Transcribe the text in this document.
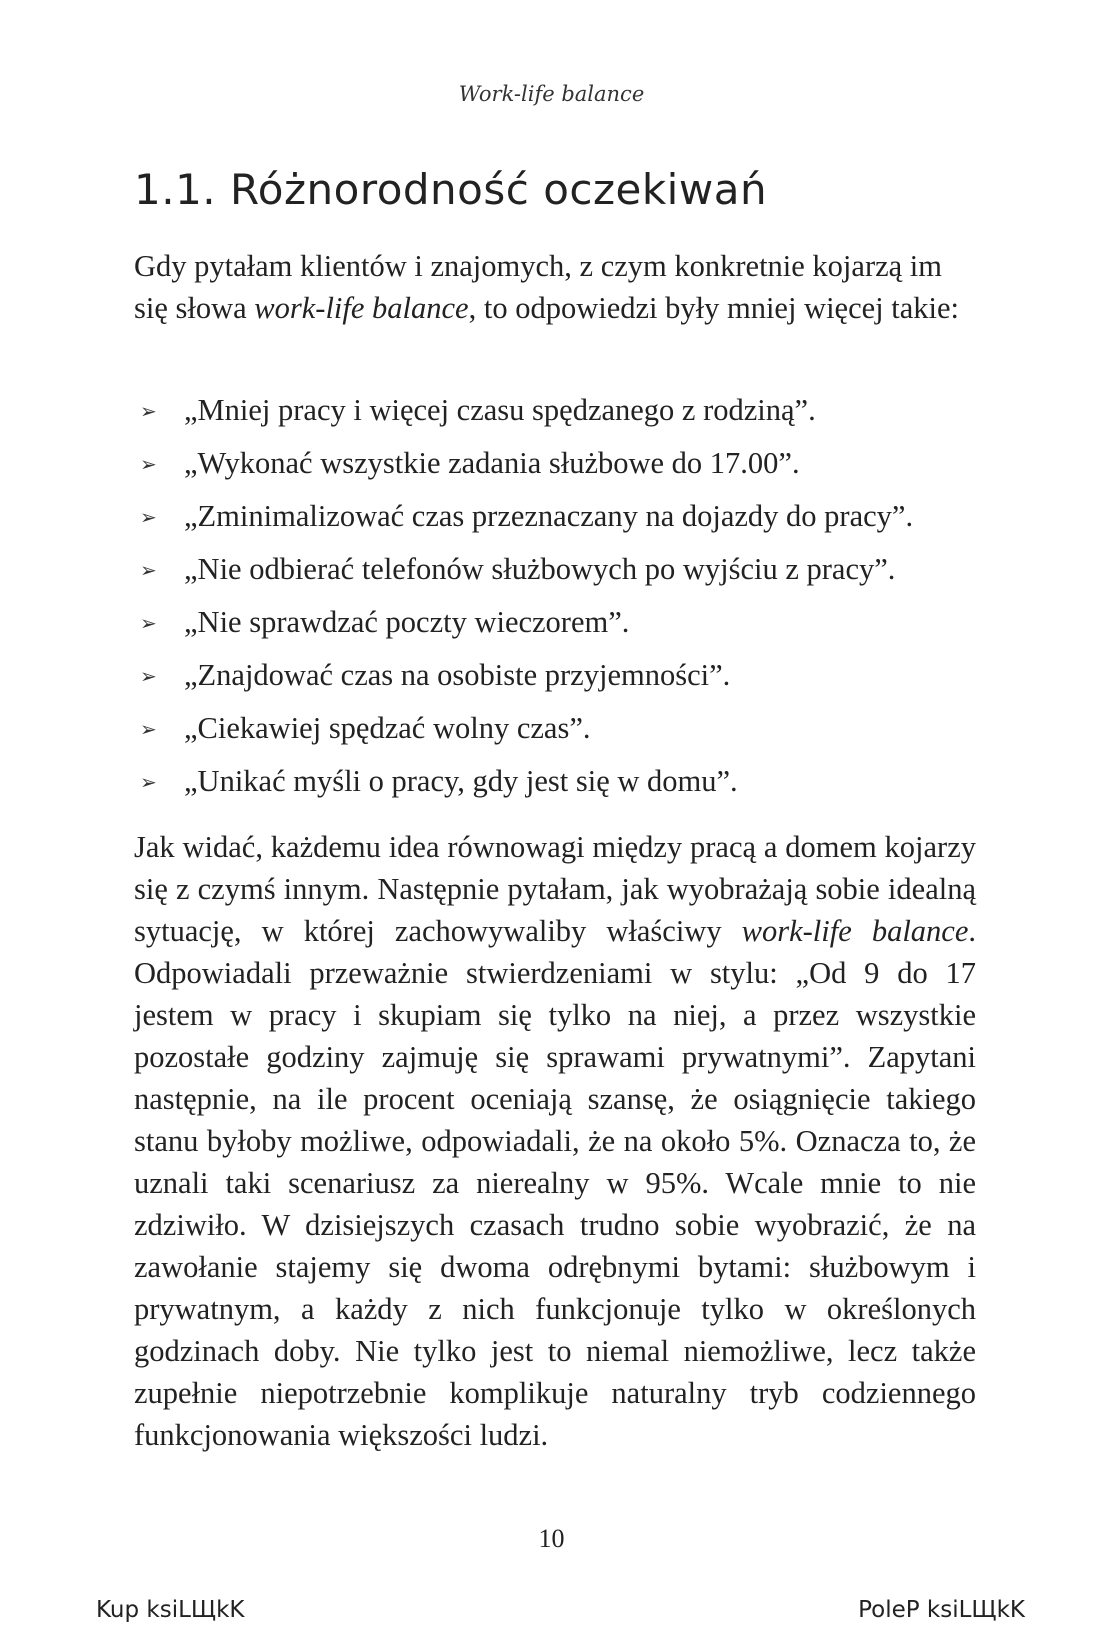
Work-life balance
1.1. Różnorodność oczekiwań

Gdy pytałam klientów i znajomych, z czym konkretnie kojarzą im się słowa work-life balance, to odpowiedzi były mniej więcej takie:

➢ „Mniej pracy i więcej czasu spędzanego z rodziną”.
➢ „Wykonać wszystkie zadania służbowe do 17.00”.
➢ „Zminimalizować czas przeznaczany na dojazdy do pracy”.
➢ „Nie odbierać telefonów służbowych po wyjściu z pracy”.
➢ „Nie sprawdzać poczty wieczorem”.
➢ „Znajdować czas na osobiste przyjemności”.
➢ „Ciekawiej spędzać wolny czas”.
➢ „Unikać myśli o pracy, gdy jest się w domu”.

Jak widać, każdemu idea równowagi między pracą a domem kojarzy się z czymś innym. Następnie pytałam, jak wyobrażają sobie idealną sytuację, w której zachowywaliby właściwy work-life balance. Odpowiadali przeważnie stwierdzeniami w stylu: „Od 9 do 17 jestem w pracy i skupiam się tylko na niej, a przez wszystkie pozostałe godziny zajmuję się sprawami prywatnymi”. Zapytani następnie, na ile procent oceniają szansę, że osiągnięcie takiego stanu byłoby możliwe, odpowiadali, że na około 5%. Oznacza to, że uznali taki scenariusz za nierealny w 95%. Wcale mnie to nie zdziwiło. W dzisiejszych czasach trudno sobie wyobrazić, że na zawołanie stajemy się dwoma odrębnymi bytami: służbowym i prywatnym, a każdy z nich funkcjonuje tylko w określonych godzinach doby. Nie tylko jest to niemal niemożliwe, lecz także zupełnie niepotrzebnie komplikuje naturalny tryb codziennego funkcjonowania większości ludzi.

10
Kup ksiLЩkK	PoleP ksiLЩkK
